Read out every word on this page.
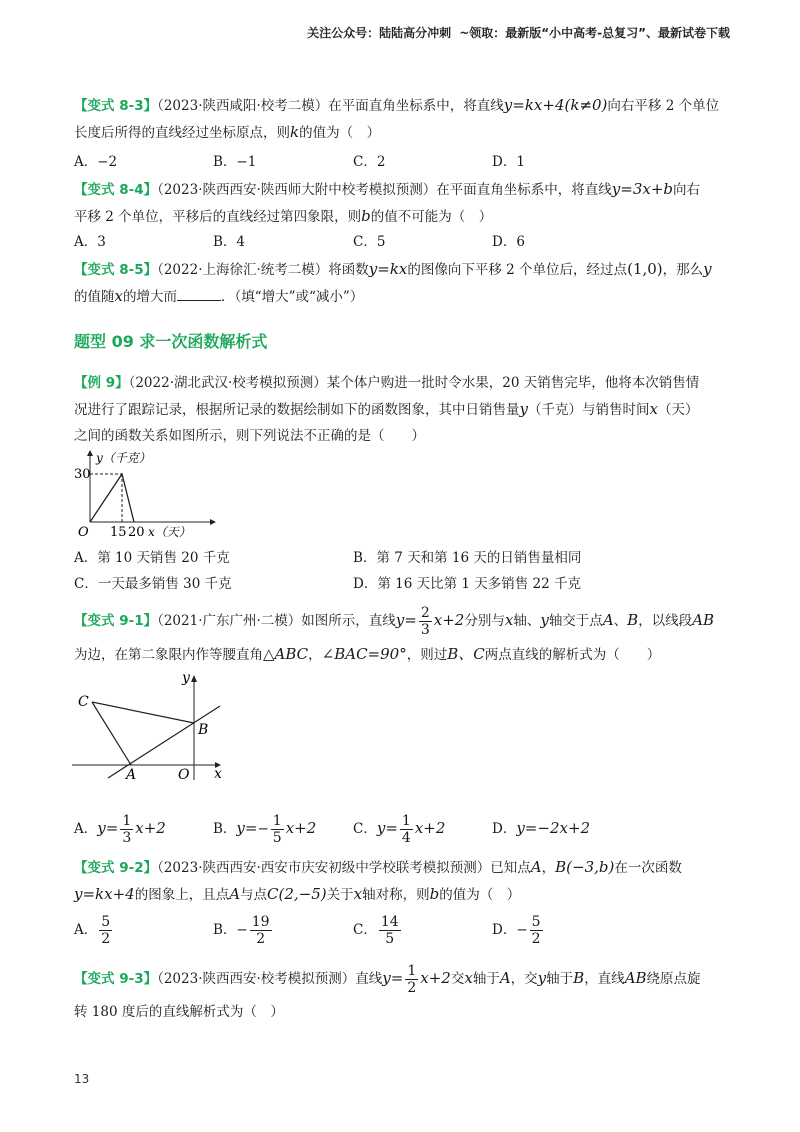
关注公众号：陆陆高分冲刺 ~领取：最新版“小中高考-总复习”、最新试卷下载
【变式 8-3】（2023·陕西咸阳·校考二模）在平面直角坐标系中，将直线y=kx+4(k≠0)向右平移 2 个单位
长度后所得的直线经过坐标原点，则k的值为（　）
A．−2	B．−1	C．2	D．1
【变式 8-4】（2023·陕西西安·陕西师大附中校考模拟预测）在平面直角坐标系中，将直线y=3x+b向右
平移 2 个单位，平移后的直线经过第四象限，则b的值不可能为（　）
A．3	B．4	C．5	D．6
【变式 8-5】（2022·上海徐汇·统考二模）将函数y=kx的图像向下平移 2 个单位后，经过点(1,0)，那么y
的值随x的增大而	．（填“增大”或“减小”）
题型 09 求一次函数解析式
【例 9】（2022·湖北武汉·校考模拟预测）某个体户购进一批时令水果，20 天销售完毕，他将本次销售情
况进行了跟踪记录，根据所记录的数据绘制如下的函数图象，其中日销售量y（千克）与销售时间x（天）
之间的函数关系如图所示，则下列说法不正确的是（　　）
30
y（千克）
O 15 20 x（天）
A．第 10 天销售 20 千克	B．第 7 天和第 16 天的日销售量相同
C．一天最多销售 30 千克	D．第 16 天比第 1 天多销售 22 千克
【变式 9-1】（2021·广东广州·二模）如图所示，直线$y= \frac{2}{3} x+2$分别与x轴、y轴交于点A、B，以线段AB
为边，在第二象限内作等腰直角△ABC，∠BAC=90°，则过B、C两点直线的解析式为（　　）
C
B
A	O x
y
A．$y= \frac{1}{3} x+2$	B．$y=- \frac{1}{5} x+2$	C．$y= \frac{1}{4} x+2$	D．y=−2x+2
【变式 9-2】（2023·陕西西安·西安市庆安初级中学校联考模拟预测）已知点A，B(−3,b)在一次函数
y=kx+4的图象上，且点A与点C(2,−5)关于x轴对称，则b的值为（　）
A． $\frac{5}{2}$	B．− $\frac{19}{2}$	C． $\frac{14}{5}$	D．− $\frac{5}{2}$
【变式 9-3】（2023·陕西西安·校考模拟预测）直线$y= \frac{1}{2} x+2$交x轴于A，交y轴于B，直线AB绕原点旋
转 180 度后的直线解析式为（　）
13
